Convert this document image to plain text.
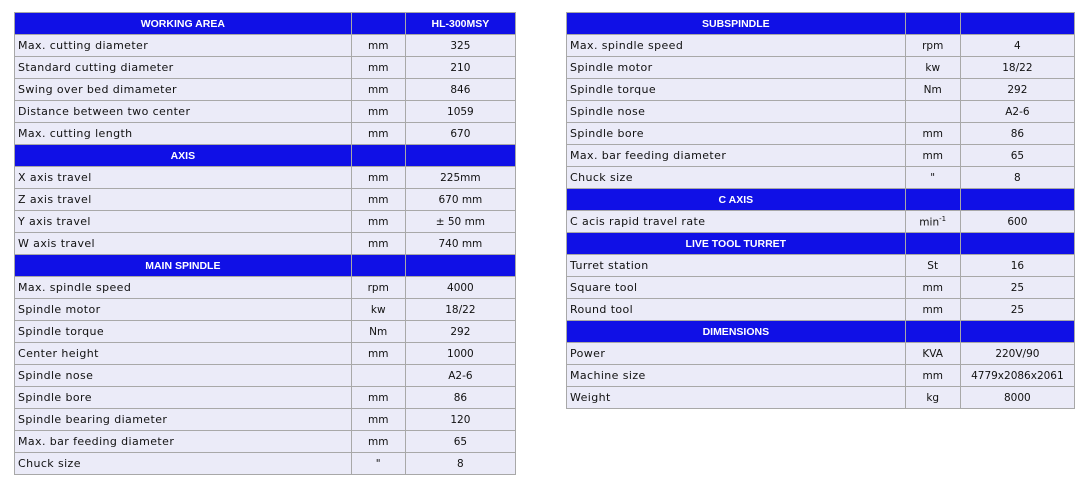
WORKING AREA		HL-300MSY
Max. cutting diameter	mm	325
Standard cutting diameter	mm	210
Swing over bed dimameter	mm	846
Distance between two center	mm	1059
Max. cutting length	mm	670
AXIS		
X axis travel	mm	225mm
Z axis travel	mm	670 mm
Y axis travel	mm	± 50 mm
W axis travel	mm	740 mm
MAIN SPINDLE		
Max. spindle speed	rpm	4000
Spindle motor	kw	18/22
Spindle torque	Nm	292
Center height	mm	1000
Spindle nose		A2-6
Spindle bore	mm	86
Spindle bearing diameter	mm	120
Max. bar feeding diameter	mm	65
Chuck size	"	8
SUBSPINDLE		
Max. spindle speed	rpm	4
Spindle motor	kw	18/22
Spindle torque	Nm	292
Spindle nose		A2-6
Spindle bore	mm	86
Max. bar feeding diameter	mm	65
Chuck size	"	8
C AXIS		
C acis rapid travel rate	$\min^{-1}$	600
LIVE TOOL TURRET		
Turret station	St	16
Square tool	mm	25
Round tool	mm	25
DIMENSIONS		
Power	KVA	220V/90
Machine size	mm	4779x2086x2061
Weight	kg	8000
